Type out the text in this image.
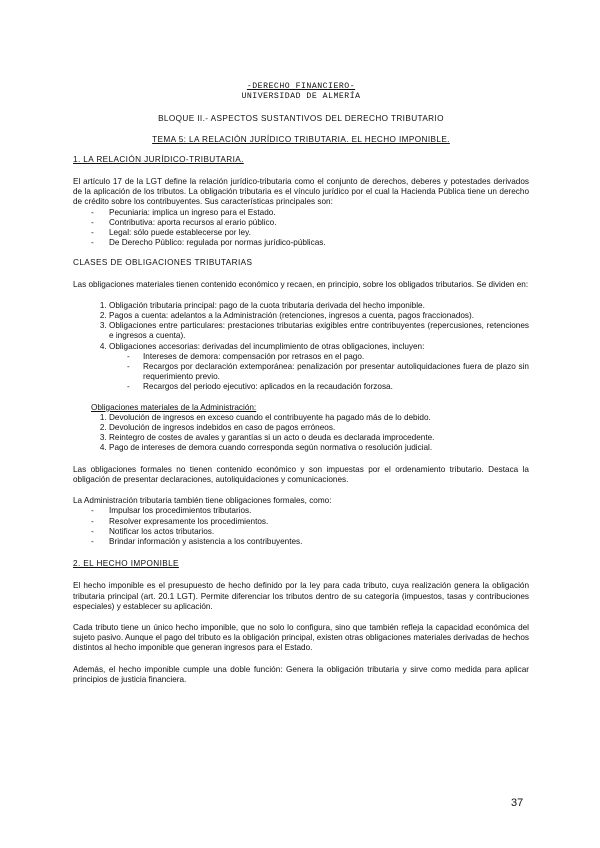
-DERECHO FINANCIERO-
UNIVERSIDAD DE ALMERÍA
BLOQUE II.- ASPECTOS SUSTANTIVOS DEL DERECHO TRIBUTARIO
TEMA 5: LA RELACIÓN JURÍDICO TRIBUTARIA. EL HECHO IMPONIBLE.
1. LA RELACIÓN JURÍDICO-TRIBUTARIA.

El artículo 17 de la LGT define la relación jurídico-tributaria como el conjunto de derechos, deberes y potestades derivados de la aplicación de los tributos. La obligación tributaria es el vínculo jurídico por el cual la Hacienda Pública tiene un derecho de crédito sobre los contribuyentes. Sus características principales son:

- Pecuniaria: implica un ingreso para el Estado.
- Contributiva: aporta recursos al erario público.
- Legal: sólo puede establecerse por ley.
- De Derecho Público: regulada por normas jurídico-públicas.
CLASES DE OBLIGACIONES TRIBUTARIAS

Las obligaciones materiales tienen contenido económico y recaen, en principio, sobre los obligados tributarios. Se dividen en:

1. Obligación tributaria principal: pago de la cuota tributaria derivada del hecho imponible.
2. Pagos a cuenta: adelantos a la Administración (retenciones, ingresos a cuenta, pagos fraccionados).
3. Obligaciones entre particulares: prestaciones tributarias exigibles entre contribuyentes (repercusiones, retenciones e ingresos a cuenta).
4. Obligaciones accesorias: derivadas del incumplimiento de otras obligaciones, incluyen:
- Intereses de demora: compensación por retrasos en el pago.
- Recargos por declaración extemporánea: penalización por presentar autoliquidaciones fuera de plazo sin requerimiento previo.
- Recargos del periodo ejecutivo: aplicados en la recaudación forzosa.
Obligaciones materiales de la Administración:
1. Devolución de ingresos en exceso cuando el contribuyente ha pagado más de lo debido.
2. Devolución de ingresos indebidos en caso de pagos erróneos.
3. Reintegro de costes de avales y garantías si un acto o deuda es declarada improcedente.
4. Pago de intereses de demora cuando corresponda según normativa o resolución judicial.

Las obligaciones formales no tienen contenido económico y son impuestas por el ordenamiento tributario. Destaca la obligación de presentar declaraciones, autoliquidaciones y comunicaciones.

La Administración tributaria también tiene obligaciones formales, como:

- Impulsar los procedimientos tributarios.
- Resolver expresamente los procedimientos.
- Notificar los actos tributarios.
- Brindar información y asistencia a los contribuyentes.
2. EL HECHO IMPONIBLE

El hecho imponible es el presupuesto de hecho definido por la ley para cada tributo, cuya realización genera la obligación tributaria principal (art. 20.1 LGT). Permite diferenciar los tributos dentro de su categoría (impuestos, tasas y contribuciones especiales) y establecer su aplicación.

Cada tributo tiene un único hecho imponible, que no solo lo configura, sino que también refleja la capacidad económica del sujeto pasivo. Aunque el pago del tributo es la obligación principal, existen otras obligaciones materiales derivadas de hechos distintos al hecho imponible que generan ingresos para el Estado.

Además, el hecho imponible cumple una doble función: Genera la obligación tributaria y sirve como medida para aplicar principios de justicia financiera.

37
